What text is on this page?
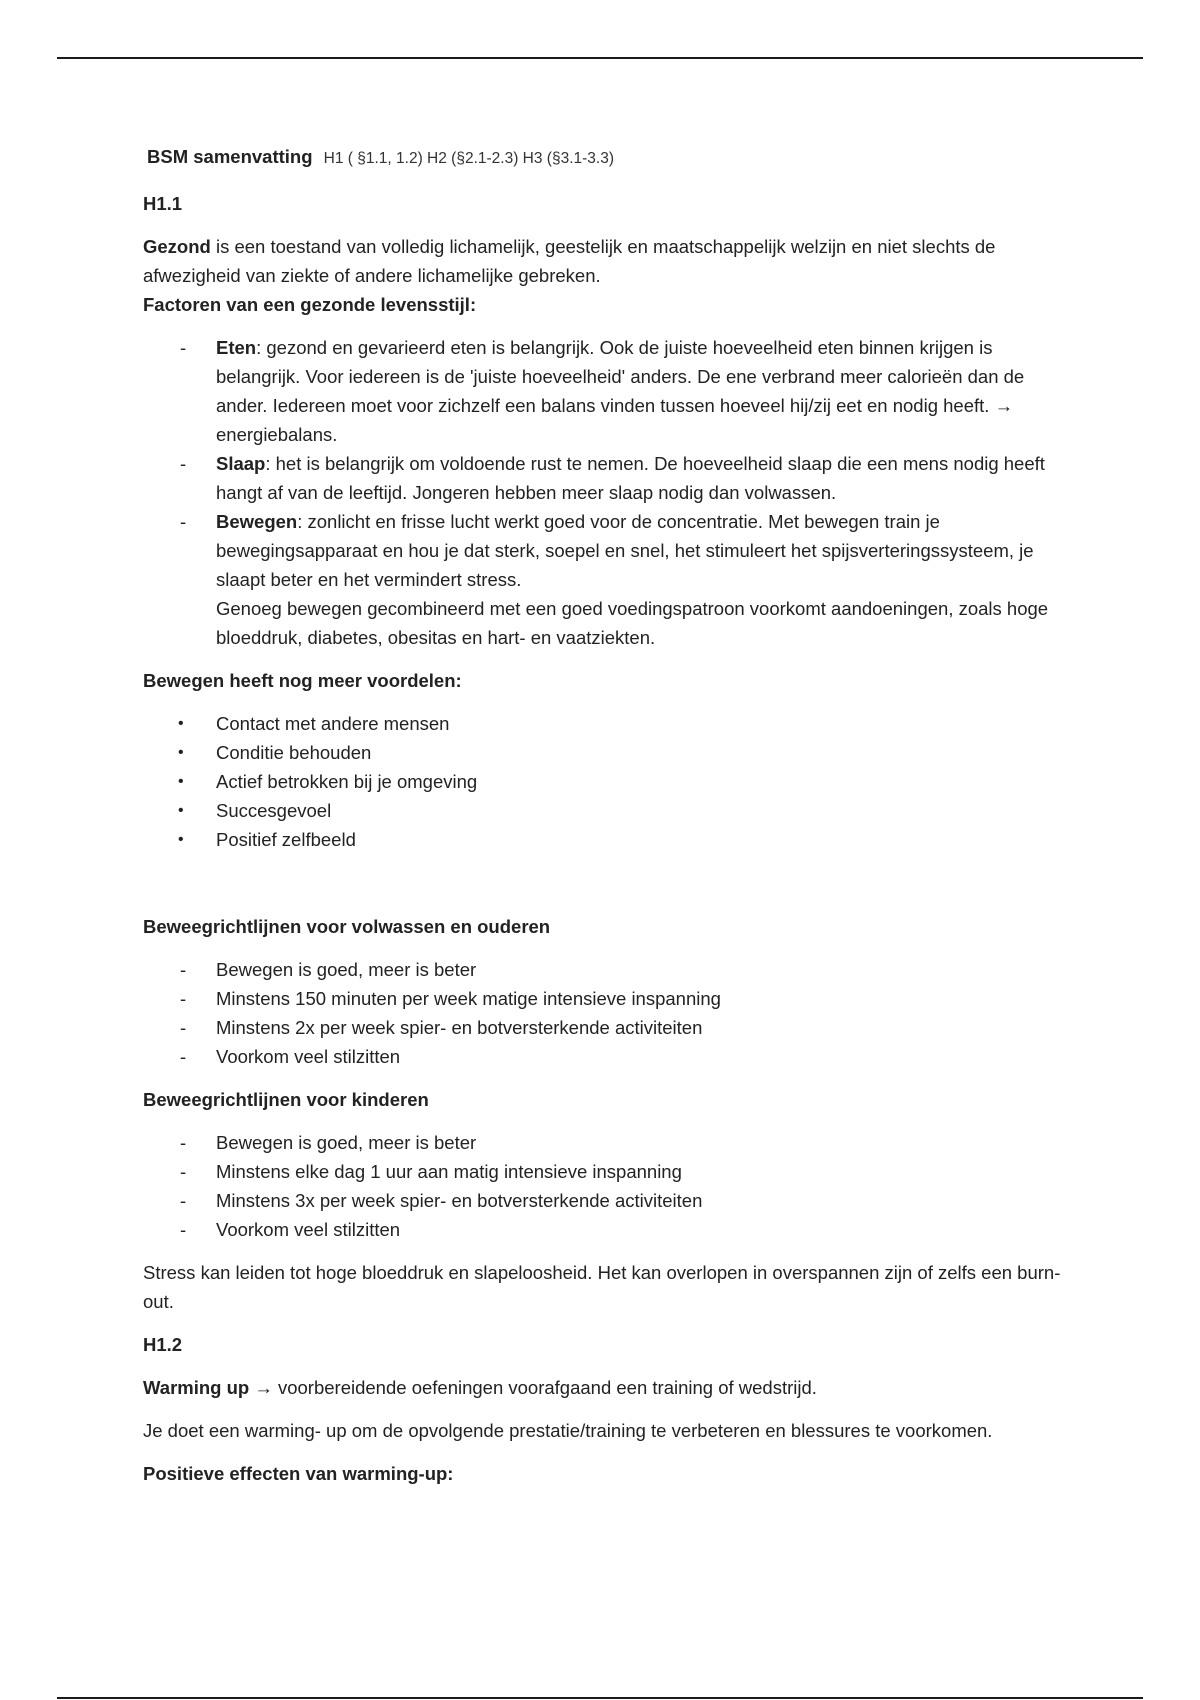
BSM samenvatting H1 ( §1.1, 1.2) H2 (§2.1-2.3) H3 (§3.1-3.3)
H1.1

Gezond is een toestand van volledig lichamelijk, geestelijk en maatschappelijk welzijn en niet slechts de afwezigheid van ziekte of andere lichamelijke gebreken.

Factoren van een gezonde levensstijl:

- Eten: gezond en gevarieerd eten is belangrijk. Ook de juiste hoeveelheid eten binnen krijgen is belangrijk. Voor iedereen is de 'juiste hoeveelheid' anders. De ene verbrand meer calorieën dan de ander. Iedereen moet voor zichzelf een balans vinden tussen hoeveel hij/zij eet en nodig heeft. → energiebalans.
- Slaap: het is belangrijk om voldoende rust te nemen. De hoeveelheid slaap die een mens nodig heeft hangt af van de leeftijd. Jongeren hebben meer slaap nodig dan volwassen.
- Bewegen: zonlicht en frisse lucht werkt goed voor de concentratie. Met bewegen train je bewegingsapparaat en hou je dat sterk, soepel en snel, het stimuleert het spijsverteringssysteem, je slaapt beter en het vermindert stress.
Genoeg bewegen gecombineerd met een goed voedingspatroon voorkomt aandoeningen, zoals hoge bloeddruk, diabetes, obesitas en hart- en vaatziekten.

Bewegen heeft nog meer voordelen:

• Contact met andere mensen
• Conditie behouden
• Actief betrokken bij je omgeving
• Succesgevoel
• Positief zelfbeeld

Beweegrichtlijnen voor volwassen en ouderen

- Bewegen is goed, meer is beter
- Minstens 150 minuten per week matige intensieve inspanning
- Minstens 2x per week spier- en botversterkende activiteiten
- Voorkom veel stilzitten

Beweegrichtlijnen voor kinderen

- Bewegen is goed, meer is beter
- Minstens elke dag 1 uur aan matig intensieve inspanning
- Minstens 3x per week spier- en botversterkende activiteiten
- Voorkom veel stilzitten

Stress kan leiden tot hoge bloeddruk en slapeloosheid. Het kan overlopen in overspannen zijn of zelfs een burn-out.

H1.2

Warming up → voorbereidende oefeningen voorafgaand een training of wedstrijd.

Je doet een warming- up om de opvolgende prestatie/training te verbeteren en blessures te voorkomen.

Positieve effecten van warming-up:
